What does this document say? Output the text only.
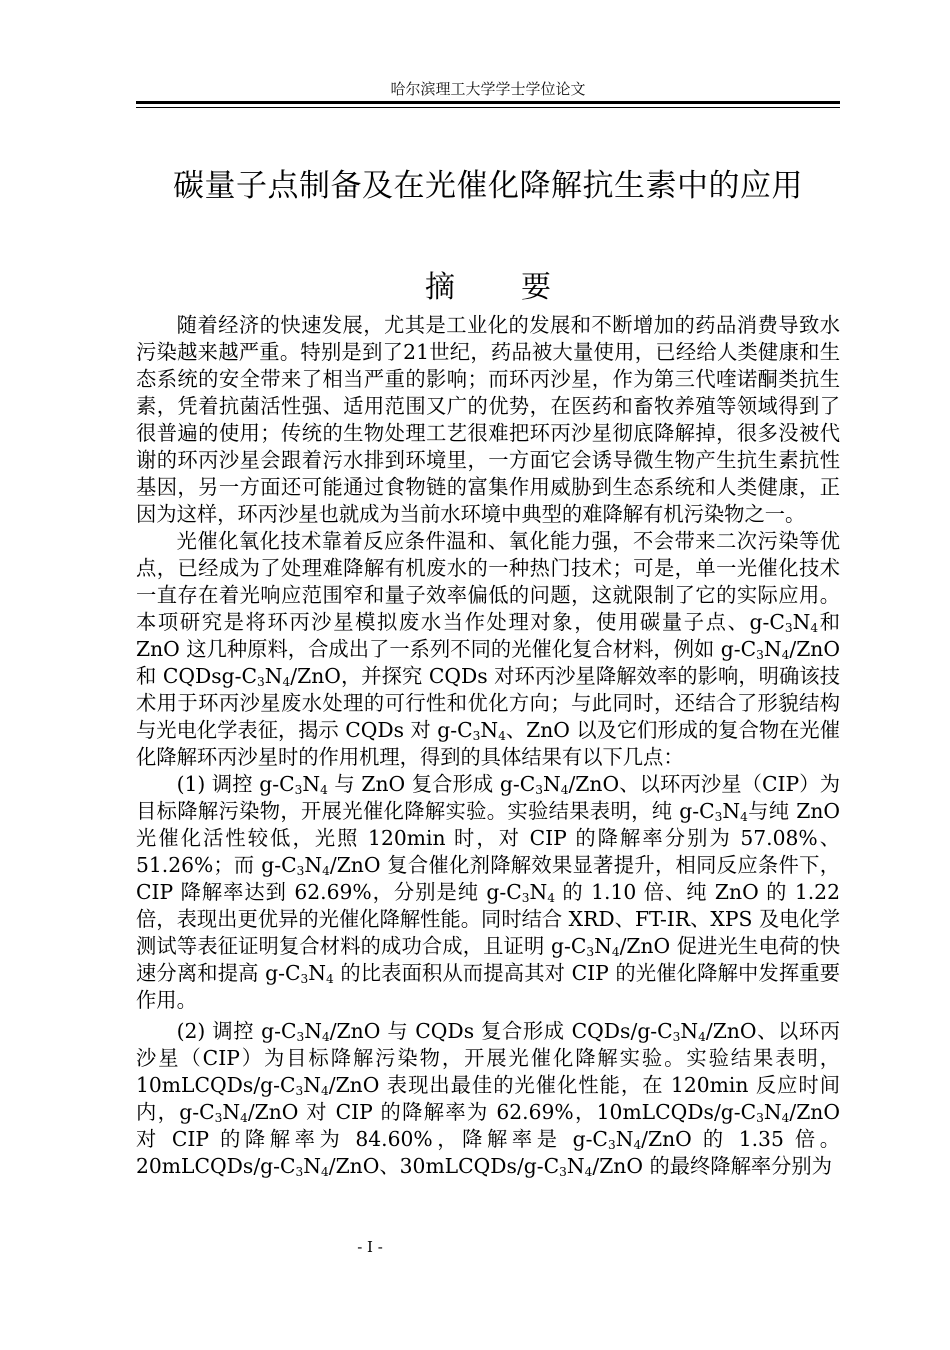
哈尔滨理工大学学士学位论文
碳量子点制备及在光催化降解抗生素中的应用
摘 要

随着经济的快速发展，尤其是工业化的发展和不断增加的药品消费导致水污染越来越严重。特别是到了21世纪，药品被大量使用，已经给人类健康和生态系统的安全带来了相当严重的影响；而环丙沙星，作为第三代喹诺酮类抗生素，凭着抗菌活性强、适用范围又广的优势，在医药和畜牧养殖等领域得到了很普遍的使用；传统的生物处理工艺很难把环丙沙星彻底降解掉，很多没被代谢的环丙沙星会跟着污水排到环境里，一方面它会诱导微生物产生抗生素抗性基因，另一方面还可能通过食物链的富集作用威胁到生态系统和人类健康，正因为这样，环丙沙星也就成为当前水环境中典型的难降解有机污染物之一。

光催化氧化技术靠着反应条件温和、氧化能力强，不会带来二次污染等优点，已经成为了处理难降解有机废水的一种热门技术；可是，单一光催化技术一直存在着光响应范围窄和量子效率偏低的问题，这就限制了它的实际应用。本项研究是将环丙沙星模拟废水当作处理对象，使用碳量子点、$g-C_3N_4$和 ZnO 这几种原料，合成出了一系列不同的光催化复合材料，例如 $g-C_3N_4$/ZnO 和 CQDsg-$C_3N_4$/ZnO，并探究 CQDs 对环丙沙星降解效率的影响，明确该技术用于环丙沙星废水处理的可行性和优化方向；与此同时，还结合了形貌结构与光电化学表征，揭示 CQDs 对 $g-C_3N_4$、ZnO 以及它们形成的复合物在光催化降解环丙沙星时的作用机理，得到的具体结果有以下几点：

(1) 调控 $g-C_3N_4$ 与 ZnO 复合形成 $g-C_3N_4$/ZnO、以环丙沙星（CIP）为目标降解污染物，开展光催化降解实验。实验结果表明，纯 $g-C_3N_4$与纯 ZnO 光催化活性较低，光照 120min 时，对 CIP 的降解率分别为 57.08%、51.26%；而 $g-C_3N_4$/ZnO 复合催化剂降解效果显著提升，相同反应条件下，CIP 降解率达到 62.69%，分别是纯 $g-C_3N_4$ 的 1.10 倍、纯 ZnO 的 1.22 倍，表现出更优异的光催化降解性能。同时结合 XRD、FT-IR、XPS 及电化学测试等表征证明复合材料的成功合成，且证明 $g-C_3N_4$/ZnO 促进光生电荷的快速分离和提高 $g-C_3N_4$ 的比表面积从而提高其对 CIP 的光催化降解中发挥重要作用。

(2) 调控 $g-C_3N_4$/ZnO 与 CQDs 复合形成 CQDs/$g-C_3N_4$/ZnO、以环丙沙星（CIP）为目标降解污染物，开展光催化降解实验。实验结果表明，$10mLCQDs/g-C_3N_4$/ZnO 表现出最佳的光催化性能，在 120min 反应时间内，$g-C_3N_4$/ZnO 对 CIP 的降解率为 62.69%，$10mLCQDs/g-C_3N_4$/ZnO 对 CIP 的降解率为 84.60%，降解率是 $g-C_3N_4$/ZnO 的 1.35 倍。$20mLCQDs/g-C_3N_4$/ZnO、$30mLCQDs/g-C_3N_4$/ZnO 的最终降解率分别为

- I -
